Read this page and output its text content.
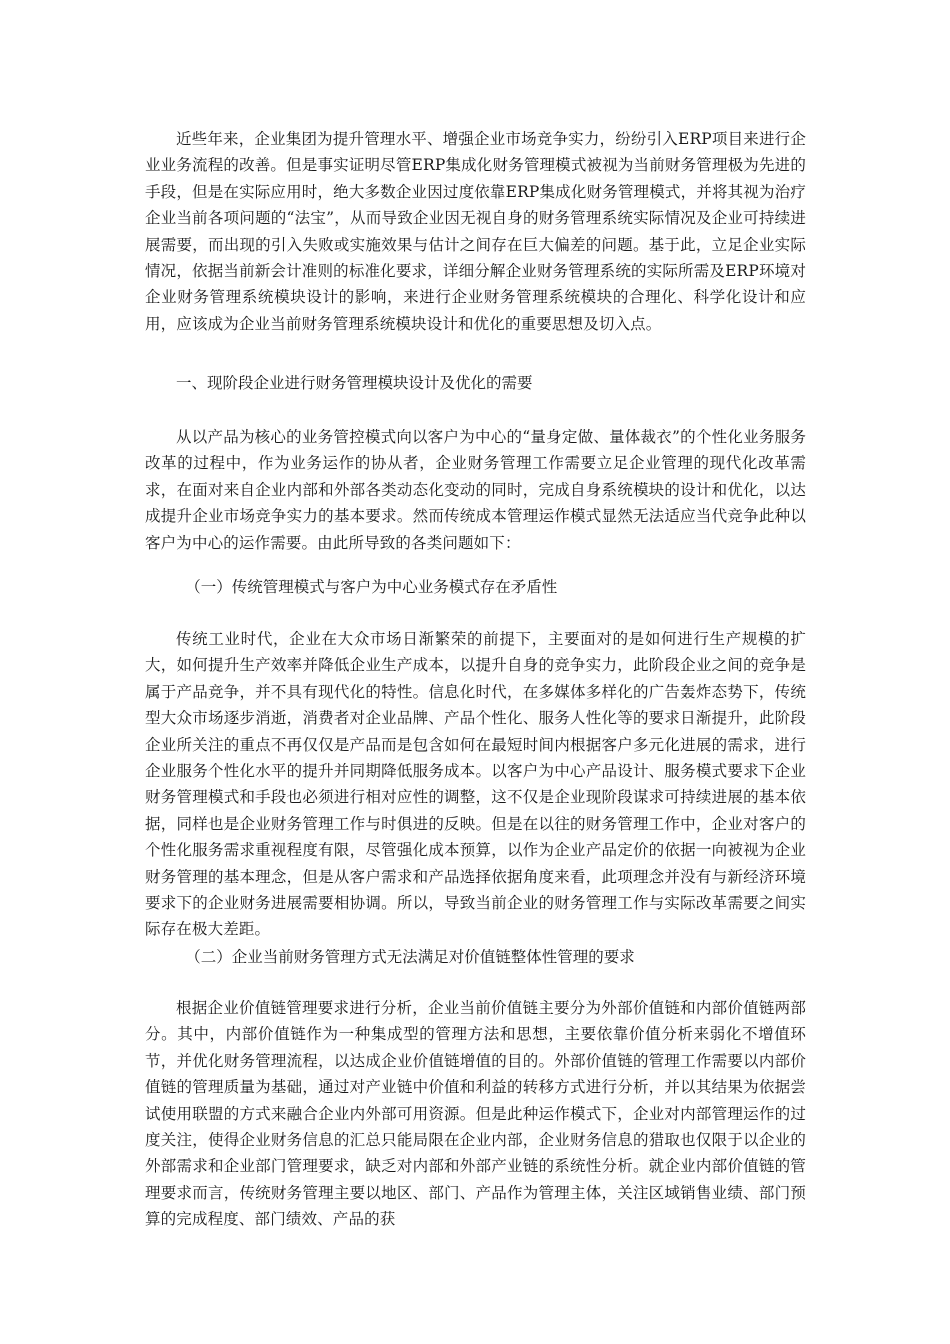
近些年来，企业集团为提升管理水平、增强企业市场竞争实力，纷纷引入ERP项目来进行企业业务流程的改善。但是事实证明尽管ERP集成化财务管理模式被视为当前财务管理极为先进的手段，但是在实际应用时，绝大多数企业因过度依靠ERP集成化财务管理模式，并将其视为治疗企业当前各项问题的“法宝”，从而导致企业因无视自身的财务管理系统实际情况及企业可持续进展需要，而出现的引入失败或实施效果与估计之间存在巨大偏差的问题。基于此，立足企业实际情况，依据当前新会计准则的标准化要求，详细分解企业财务管理系统的实际所需及ERP环境对企业财务管理系统模块设计的影响，来进行企业财务管理系统模块的合理化、科学化设计和应用，应该成为企业当前财务管理系统模块设计和优化的重要思想及切入点。

一、现阶段企业进行财务管理模块设计及优化的需要

从以产品为核心的业务管控模式向以客户为中心的“量身定做、量体裁衣”的个性化业务服务改革的过程中，作为业务运作的协从者，企业财务管理工作需要立足企业管理的现代化改革需求，在面对来自企业内部和外部各类动态化变动的同时，完成自身系统模块的设计和优化，以达成提升企业市场竞争实力的基本要求。然而传统成本管理运作模式显然无法适应当代竞争此种以客户为中心的运作需要。由此所导致的各类问题如下：

（一）传统管理模式与客户为中心业务模式存在矛盾性

传统工业时代，企业在大众市场日渐繁荣的前提下，主要面对的是如何进行生产规模的扩大，如何提升生产效率并降低企业生产成本，以提升自身的竞争实力，此阶段企业之间的竞争是属于产品竞争，并不具有现代化的特性。信息化时代，在多媒体多样化的广告轰炸态势下，传统型大众市场逐步消逝，消费者对企业品牌、产品个性化、服务人性化等的要求日渐提升，此阶段企业所关注的重点不再仅仅是产品而是包含如何在最短时间内根据客户多元化进展的需求，进行企业服务个性化水平的提升并同期降低服务成本。以客户为中心产品设计、服务模式要求下企业财务管理模式和手段也必须进行相对应性的调整，这不仅是企业现阶段谋求可持续进展的基本依据，同样也是企业财务管理工作与时俱进的反映。但是在以往的财务管理工作中，企业对客户的个性化服务需求重视程度有限，尽管强化成本预算，以作为企业产品定价的依据一向被视为企业财务管理的基本理念，但是从客户需求和产品选择依据角度来看，此项理念并没有与新经济环境要求下的企业财务进展需要相协调。所以，导致当前企业的财务管理工作与实际改革需要之间实际存在极大差距。

（二）企业当前财务管理方式无法满足对价值链整体性管理的要求

根据企业价值链管理要求进行分析，企业当前价值链主要分为外部价值链和内部价值链两部分。其中，内部价值链作为一种集成型的管理方法和思想，主要依靠价值分析来弱化不增值环节，并优化财务管理流程，以达成企业价值链增值的目的。外部价值链的管理工作需要以内部价值链的管理质量为基础，通过对产业链中价值和利益的转移方式进行分析，并以其结果为依据尝试使用联盟的方式来融合企业内外部可用资源。但是此种运作模式下，企业对内部管理运作的过度关注，使得企业财务信息的汇总只能局限在企业内部，企业财务信息的猎取也仅限于以企业的外部需求和企业部门管理要求，缺乏对内部和外部产业链的系统性分析。就企业内部价值链的管理要求而言，传统财务管理主要以地区、部门、产品作为管理主体，关注区域销售业绩、部门预算的完成程度、部门绩效、产品的获
